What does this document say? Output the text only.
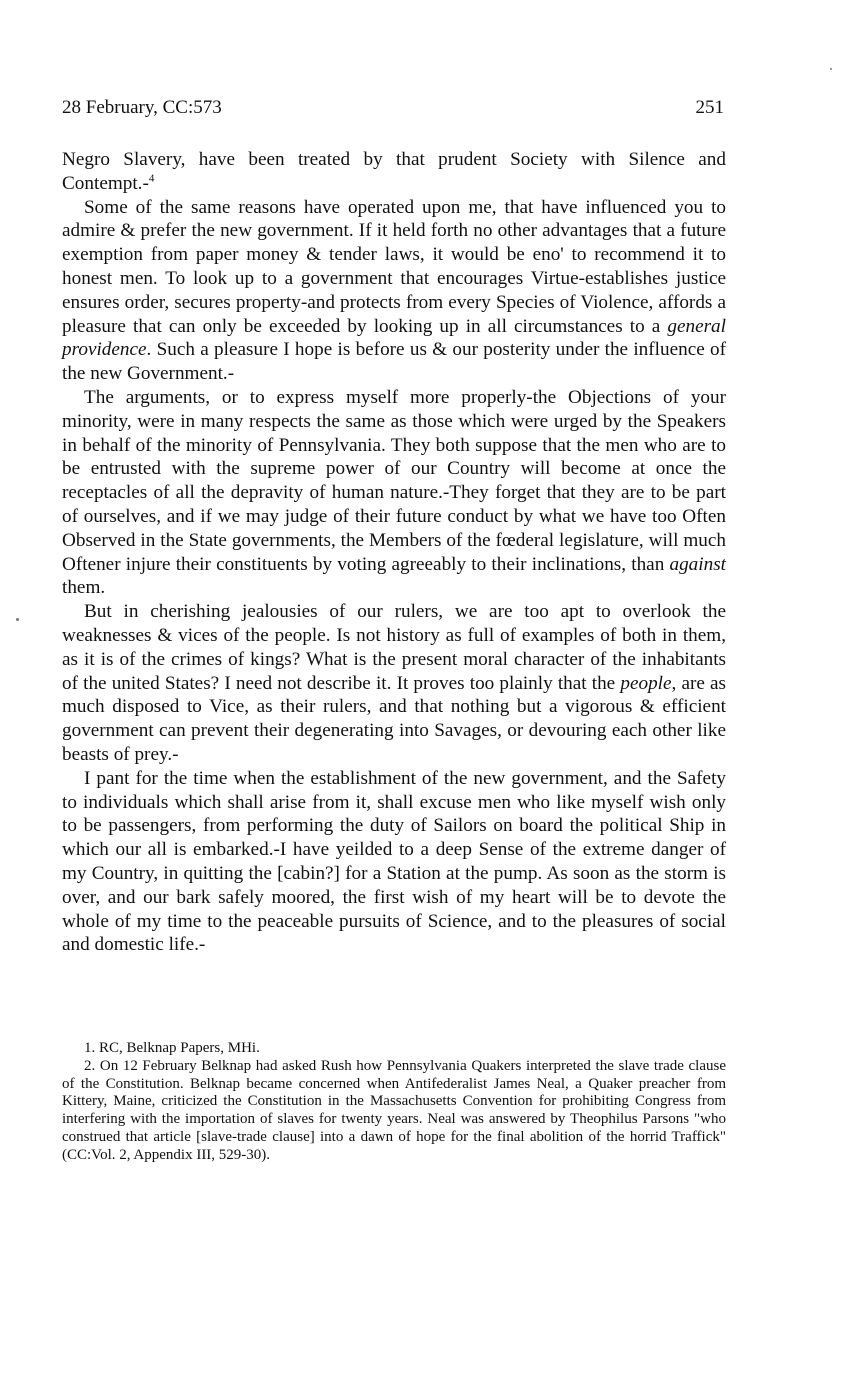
28 February, CC:573	251

Negro Slavery, have been treated by that prudent Society with Silence and Contempt.-$^4$

Some of the same reasons have operated upon me, that have influenced you to admire & prefer the new government. If it held forth no other advantages that a future exemption from paper money & tender laws, it would be eno' to recommend it to honest men. To look up to a government that encourages Virtue-establishes justice ensures order, secures property-and protects from every Species of Violence, affords a pleasure that can only be exceeded by looking up in all circumstances to a general providence. Such a pleasure I hope is before us & our posterity under the influence of the new Government.-

The arguments, or to express myself more properly-the Objections of your minority, were in many respects the same as those which were urged by the Speakers in behalf of the minority of Pennsylvania. They both suppose that the men who are to be entrusted with the supreme power of our Country will become at once the receptacles of all the depravity of human nature.-They forget that they are to be part of ourselves, and if we may judge of their future conduct by what we have too Often Observed in the State governments, the Members of the fœderal legislature, will much Oftener injure their constituents by voting agreeably to their inclinations, than against them.

But in cherishing jealousies of our rulers, we are too apt to overlook the weaknesses & vices of the people. Is not history as full of examples of both in them, as it is of the crimes of kings? What is the present moral character of the inhabitants of the united States? I need not describe it. It proves too plainly that the people, are as much disposed to Vice, as their rulers, and that nothing but a vigorous & efficient government can prevent their degenerating into Savages, or devouring each other like beasts of prey.-

I pant for the time when the establishment of the new government, and the Safety to individuals which shall arise from it, shall excuse men who like myself wish only to be passengers, from performing the duty of Sailors on board the political Ship in which our all is embarked.-I have yeilded to a deep Sense of the extreme danger of my Country, in quitting the [cabin?] for a Station at the pump. As soon as the storm is over, and our bark safely moored, the first wish of my heart will be to devote the whole of my time to the peaceable pursuits of Science, and to the pleasures of social and domestic life.-

1. RC, Belknap Papers, MHi.

2. On 12 February Belknap had asked Rush how Pennsylvania Quakers interpreted the slave trade clause of the Constitution. Belknap became concerned when Antifederalist James Neal, a Quaker preacher from Kittery, Maine, criticized the Constitution in the Massachusetts Convention for prohibiting Congress from interfering with the importation of slaves for twenty years. Neal was answered by Theophilus Parsons "who construed that article [slave-trade clause] into a dawn of hope for the final abolition of the horrid Traffick" (CC:Vol. 2, Appendix III, 529-30).
